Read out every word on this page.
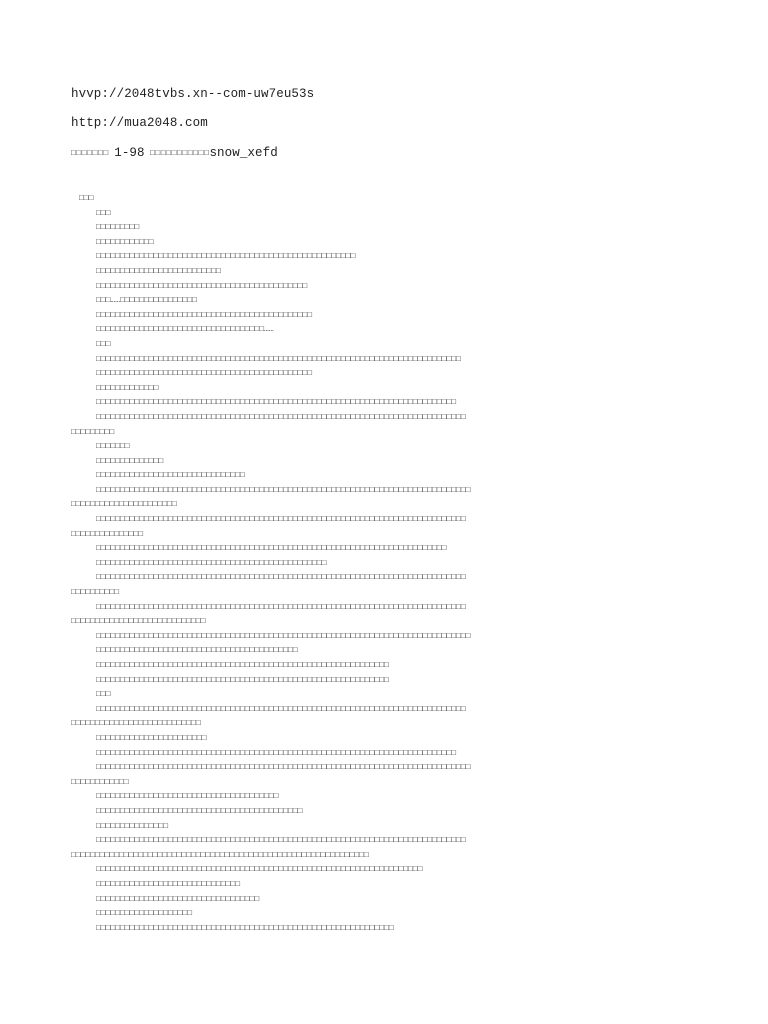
hvvp://2048tvbs.xn--com-uw7eu53s
http://mua2048.com
□□□□□□□ 1-98 □□□□□□□□□□□snow_xefd
□□□
□□□
□□□□□□□□□
□□□□□□□□□□□□
□□□□□□□□□□□□□□□□□□□□□□□□□□□□□□□□□□□□□□□□□□□□□□□□□□□□□□
□□□□□□□□□□□□□□□□□□□□□□□□□□
□□□□□□□□□□□□□□□□□□□□□□□□□□□□□□□□□□□□□□□□□□□□
□□□……□□□□□□□□□□□□□□□□
□□□□□□□□□□□□□□□□□□□□□□□□□□□□□□□□□□□□□□□□□□□□□
□□□□□□□□□□□□□□□□□□□□□□□□□□□□□□□□□□□……
□□□
□□□□□□□□□□□□□□□□□□□□□□□□□□□□□□□□□□□□□□□□□□□□□□□□□□□□□□□□□□□□□□□□□□□□□□□□□□□□
□□□□□□□□□□□□□□□□□□□□□□□□□□□□□□□□□□□□□□□□□□□□□
□□□□□□□□□□□□□
□□□□□□□□□□□□□□□□□□□□□□□□□□□□□□□□□□□□□□□□□□□□□□□□□□□□□□□□□□□□□□□□□□□□□□□□□□□
□□□□□□□□□□□□□□□□□□□□□□□□□□□□□□□□□□□□□□□□□□□□□□□□□□□□□□□□□□□□□□□□□□□□□□□□□□□□□
□□□□□□□□□
□□□□□□□
□□□□□□□□□□□□□□
□□□□□□□□□□□□□□□□□□□□□□□□□□□□□□□
□□□□□□□□□□□□□□□□□□□□□□□□□□□□□□□□□□□□□□□□□□□□□□□□□□□□□□□□□□□□□□□□□□□□□□□□□□□□□□
□□□□□□□□□□□□□□□□□□□□□□
□□□□□□□□□□□□□□□□□□□□□□□□□□□□□□□□□□□□□□□□□□□□□□□□□□□□□□□□□□□□□□□□□□□□□□□□□□□□□
□□□□□□□□□□□□□□□
□□□□□□□□□□□□□□□□□□□□□□□□□□□□□□□□□□□□□□□□□□□□□□□□□□□□□□□□□□□□□□□□□□□□□□□□□
□□□□□□□□□□□□□□□□□□□□□□□□□□□□□□□□□□□□□□□□□□□□□□□□
□□□□□□□□□□□□□□□□□□□□□□□□□□□□□□□□□□□□□□□□□□□□□□□□□□□□□□□□□□□□□□□□□□□□□□□□□□□□□
□□□□□□□□□□
□□□□□□□□□□□□□□□□□□□□□□□□□□□□□□□□□□□□□□□□□□□□□□□□□□□□□□□□□□□□□□□□□□□□□□□□□□□□□
□□□□□□□□□□□□□□□□□□□□□□□□□□□□
□□□□□□□□□□□□□□□□□□□□□□□□□□□□□□□□□□□□□□□□□□□□□□□□□□□□□□□□□□□□□□□□□□□□□□□□□□□□□□
□□□□□□□□□□□□□□□□□□□□□□□□□□□□□□□□□□□□□□□□□□
□□□□□□□□□□□□□□□□□□□□□□□□□□□□□□□□□□□□□□□□□□□□□□□□□□□□□□□□□□□□□
□□□□□□□□□□□□□□□□□□□□□□□□□□□□□□□□□□□□□□□□□□□□□□□□□□□□□□□□□□□□□
□□□
□□□□□□□□□□□□□□□□□□□□□□□□□□□□□□□□□□□□□□□□□□□□□□□□□□□□□□□□□□□□□□□□□□□□□□□□□□□□□
□□□□□□□□□□□□□□□□□□□□□□□□□□□
□□□□□□□□□□□□□□□□□□□□□□□
□□□□□□□□□□□□□□□□□□□□□□□□□□□□□□□□□□□□□□□□□□□□□□□□□□□□□□□□□□□□□□□□□□□□□□□□□□□
□□□□□□□□□□□□□□□□□□□□□□□□□□□□□□□□□□□□□□□□□□□□□□□□□□□□□□□□□□□□□□□□□□□□□□□□□□□□□□
□□□□□□□□□□□□
□□□□□□□□□□□□□□□□□□□□□□□□□□□□□□□□□□□□□□
□□□□□□□□□□□□□□□□□□□□□□□□□□□□□□□□□□□□□□□□□□□
□□□□□□□□□□□□□□□
□□□□□□□□□□□□□□□□□□□□□□□□□□□□□□□□□□□□□□□□□□□□□□□□□□□□□□□□□□□□□□□□□□□□□□□□□□□□□
□□□□□□□□□□□□□□□□□□□□□□□□□□□□□□□□□□□□□□□□□□□□□□□□□□□□□□□□□□□□□□
□□□□□□□□□□□□□□□□□□□□□□□□□□□□□□□□□□□□□□□□□□□□□□□□□□□□□□□□□□□□□□□□□□□□
□□□□□□□□□□□□□□□□□□□□□□□□□□□□□□
□□□□□□□□□□□□□□□□□□□□□□□□□□□□□□□□□□
□□□□□□□□□□□□□□□□□□□□
□□□□□□□□□□□□□□□□□□□□□□□□□□□□□□□□□□□□□□□□□□□□□□□□□□□□□□□□□□□□□□
